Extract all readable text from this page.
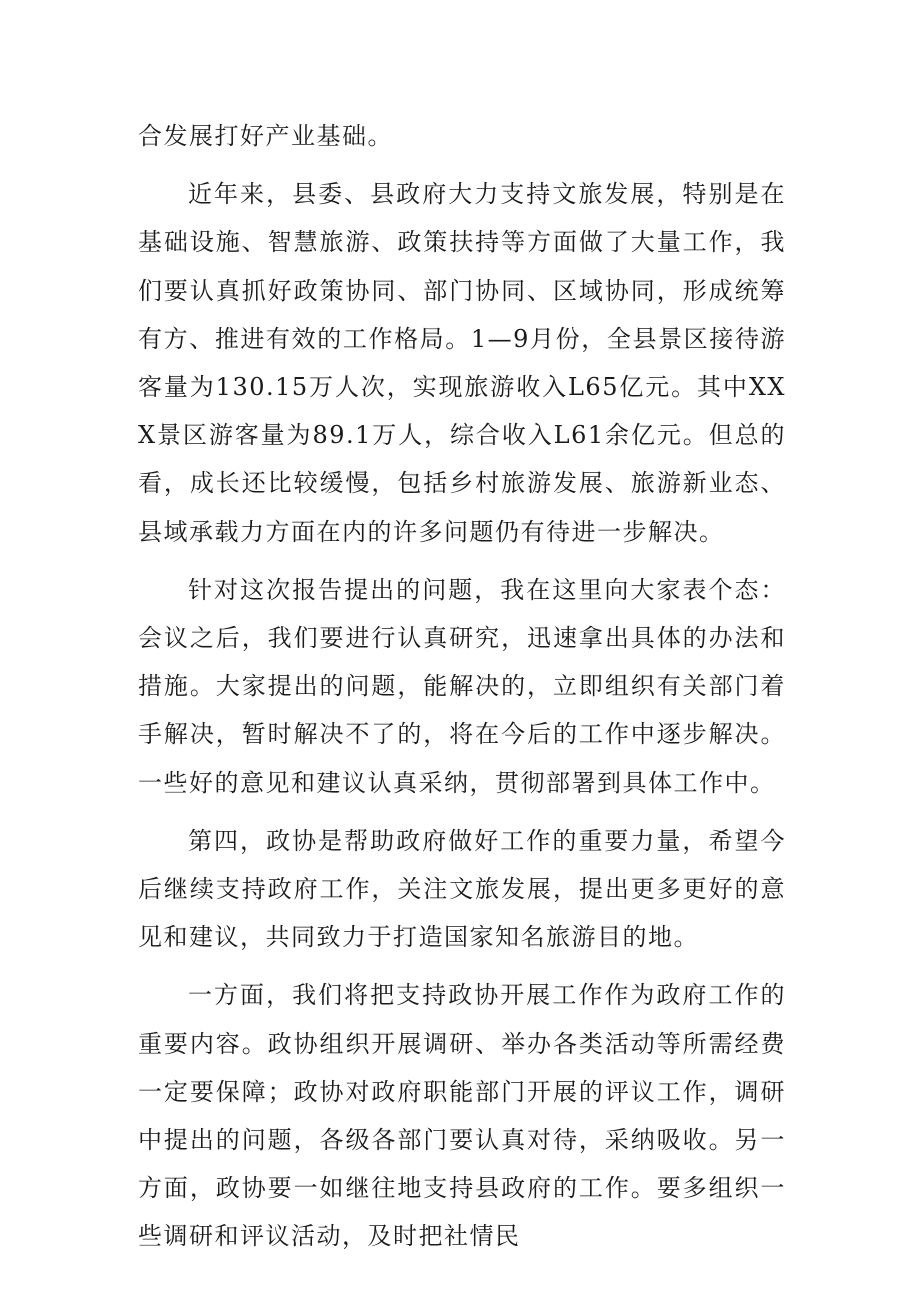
合发展打好产业基础。

近年来，县委、县政府大力支持文旅发展，特别是在基础设施、智慧旅游、政策扶持等方面做了大量工作，我们要认真抓好政策协同、部门协同、区域协同，形成统筹有方、推进有效的工作格局。1—9月份，全县景区接待游客量为130.15万人次，实现旅游收入L65亿元。其中XXX景区游客量为89.1万人，综合收入L61余亿元。但总的看，成长还比较缓慢，包括乡村旅游发展、旅游新业态、县域承载力方面在内的许多问题仍有待进一步解决。

针对这次报告提出的问题，我在这里向大家表个态：会议之后，我们要进行认真研究，迅速拿出具体的办法和措施。大家提出的问题，能解决的，立即组织有关部门着手解决，暂时解决不了的，将在今后的工作中逐步解决。一些好的意见和建议认真采纳，贯彻部署到具体工作中。

第四，政协是帮助政府做好工作的重要力量，希望今后继续支持政府工作，关注文旅发展，提出更多更好的意见和建议，共同致力于打造国家知名旅游目的地。

一方面，我们将把支持政协开展工作作为政府工作的重要内容。政协组织开展调研、举办各类活动等所需经费一定要保障；政协对政府职能部门开展的评议工作，调研中提出的问题，各级各部门要认真对待，采纳吸收。另一方面，政协要一如继往地支持县政府的工作。要多组织一些调研和评议活动，及时把社情民
